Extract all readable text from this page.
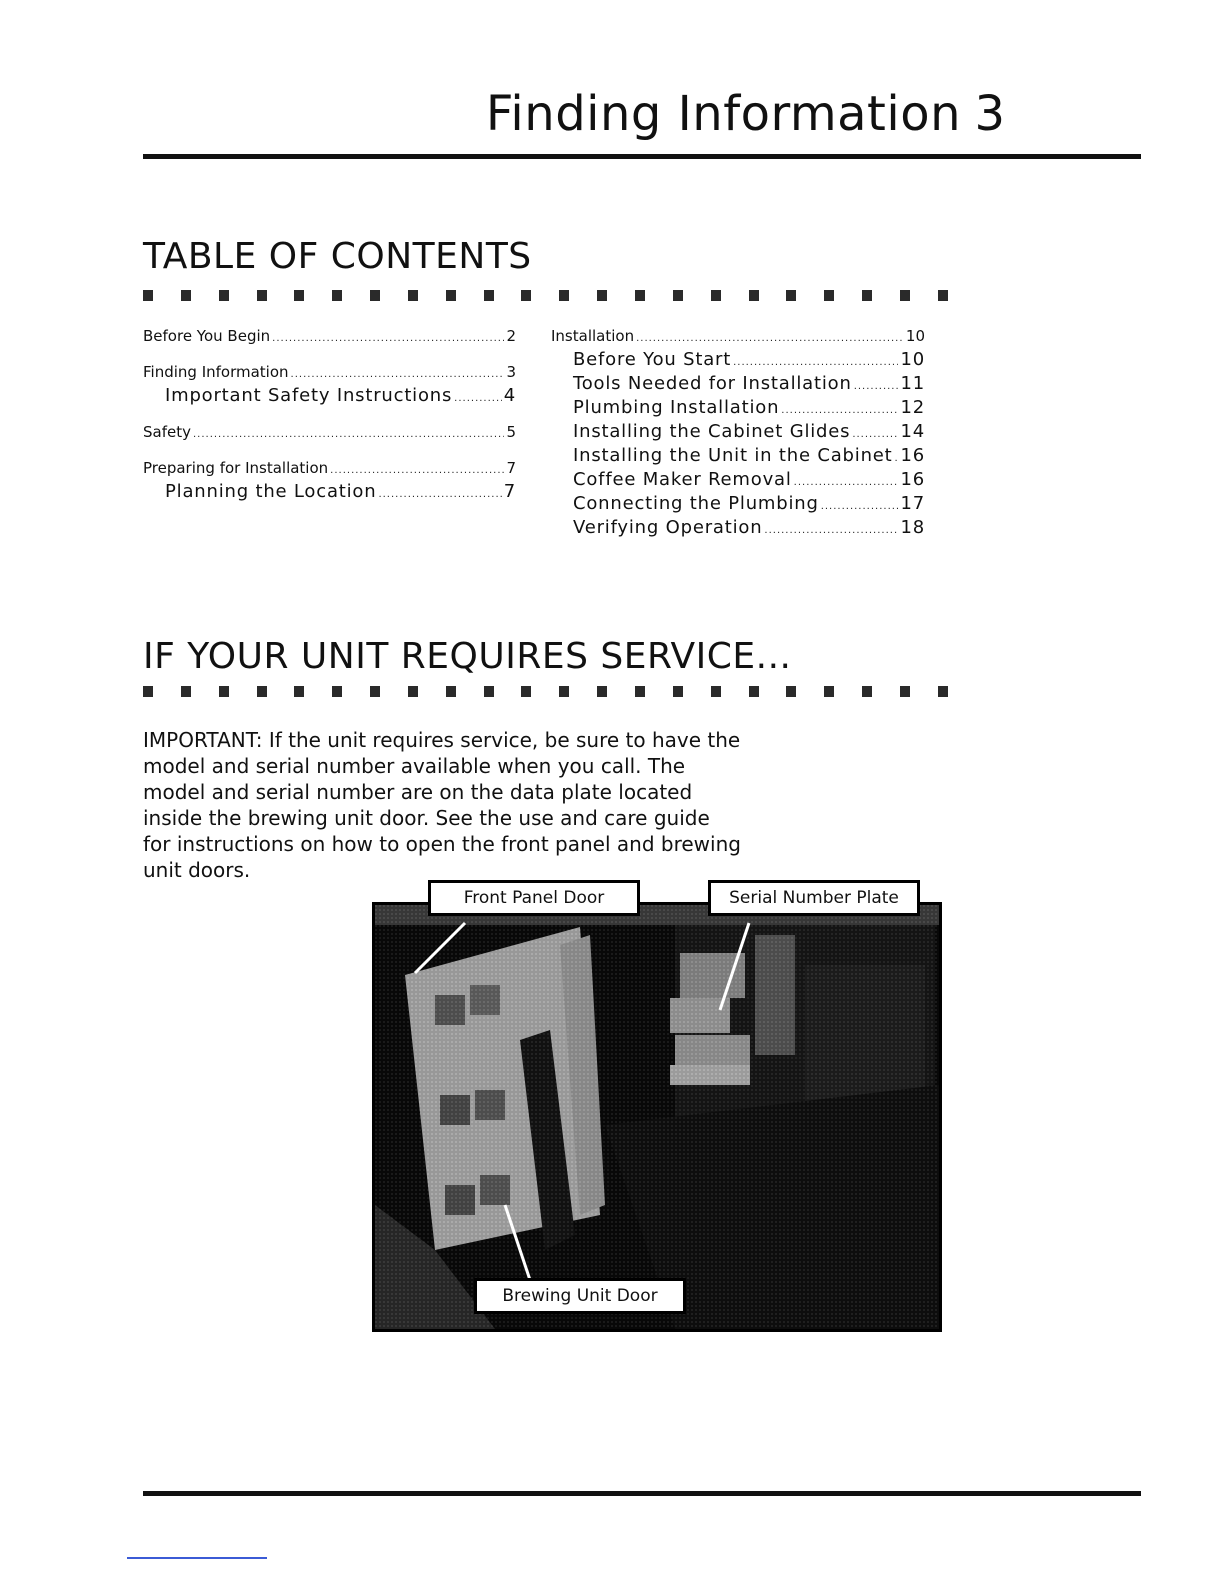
Finding Information 3
TABLE OF CONTENTS
Before You Begin .....	2
Finding Information .....	3
Important Safety Instructions .....	4
Safety .....	5
Preparing for Installation .....	7
Planning the Location .....	7
Installation .....	10
Before You Start .....	10
Tools Needed for Installation .....	11
Plumbing Installation .....	12
Installing the Cabinet Glides .....	14
Installing the Unit in the Cabinet ..... 16
Coffee Maker Removal .....	16
Connecting the Plumbing .....	17
Verifying Operation .....	18
IF YOUR UNIT REQUIRES SERVICE...
IMPORTANT: If the unit requires service, be sure to have the model and serial number available when you call. The model and serial number are on the data plate located inside the brewing unit door. See the use and care guide for instructions on how to open the front panel and brewing unit doors.
Front Panel Door	Serial Number Plate
Brewing Unit Door
